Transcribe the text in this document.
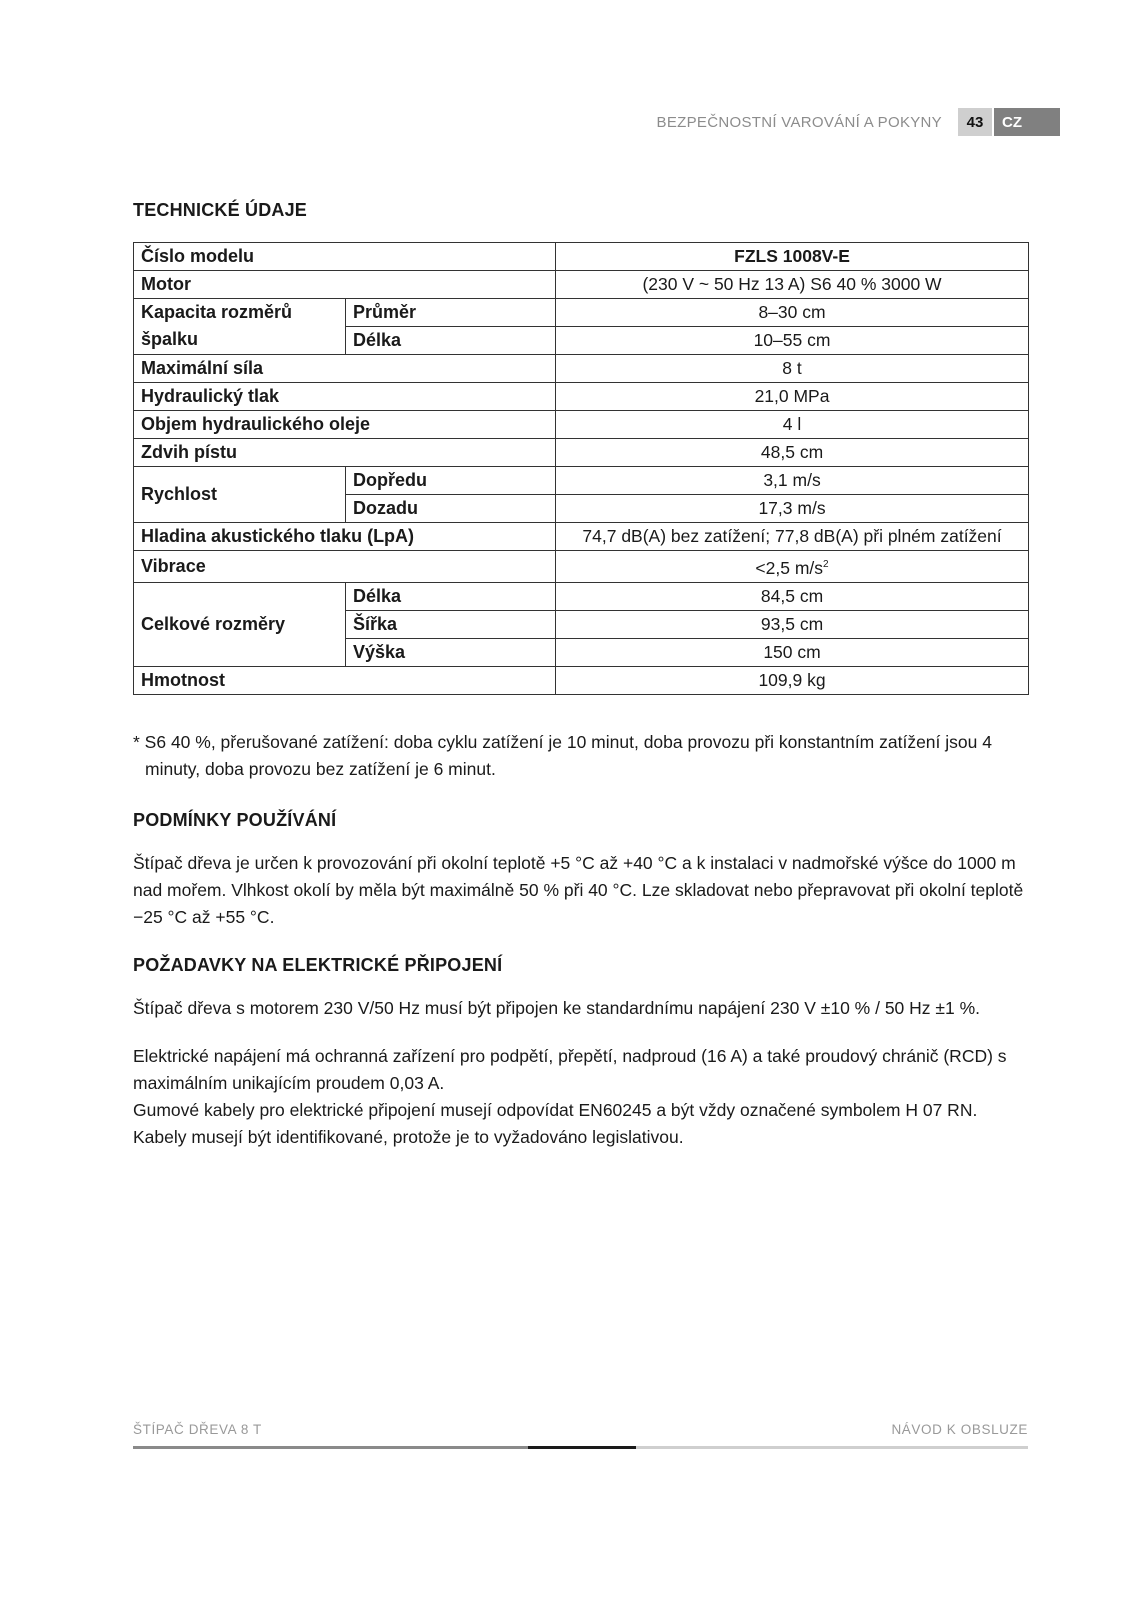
BEZPEČNOSTNÍ VAROVÁNÍ A POKYNY	43	CZ
TECHNICKÉ ÚDAJE
Číslo modelu		FZLS 1008V-E
Motor		(230 V ~ 50 Hz 13 A) S6 40 % 3000 W
Kapacita rozměrů špalku	Průměr	8–30 cm
	Délka	10–55 cm
Maximální síla		8 t
Hydraulický tlak		21,0 MPa
Objem hydraulického oleje		4 l
Zdvih pístu		48,5 cm
Rychlost	Dopředu	3,1 m/s
	Dozadu	17,3 m/s
Hladina akustického tlaku (LpA)		74,7 dB(A) bez zatížení; 77,8 dB(A) při plném zatížení
Vibrace		<2,5 $m/s^2$
Celkové rozměry	Délka	84,5 cm
	Šířka	93,5 cm
	Výška	150 cm
Hmotnost		109,9 kg
* S6 40 %, přerušované zatížení: doba cyklu zatížení je 10 minut, doba provozu při konstantním zatížení jsou 4
minuty, doba provozu bez zatížení je 6 minut.
PODMÍNKY POUŽÍVÁNÍ
Štípač dřeva je určen k provozování při okolní teplotě +5 °C až +40 °C a k instalaci v nadmořské výšce do 1000 m nad mořem. Vlhkost okolí by měla být maximálně 50 % při 40 °C. Lze skladovat nebo přepravovat při okolní teplotě −25 °C až +55 °C.
POŽADAVKY NA ELEKTRICKÉ PŘIPOJENÍ
Štípač dřeva s motorem 230 V/50 Hz musí být připojen ke standardnímu napájení 230 V ±10 % / 50 Hz ±1 %.
Elektrické napájení má ochranná zařízení pro podpětí, přepětí, nadproud (16 A) a také proudový chránič (RCD) s maximálním unikajícím proudem 0,03 A.
Gumové kabely pro elektrické připojení musejí odpovídat EN60245 a být vždy označené symbolem H 07 RN.
Kabely musejí být identifikované, protože je to vyžadováno legislativou.
ŠTÍPAČ DŘEVA 8 T	NÁVOD K OBSLUZE
